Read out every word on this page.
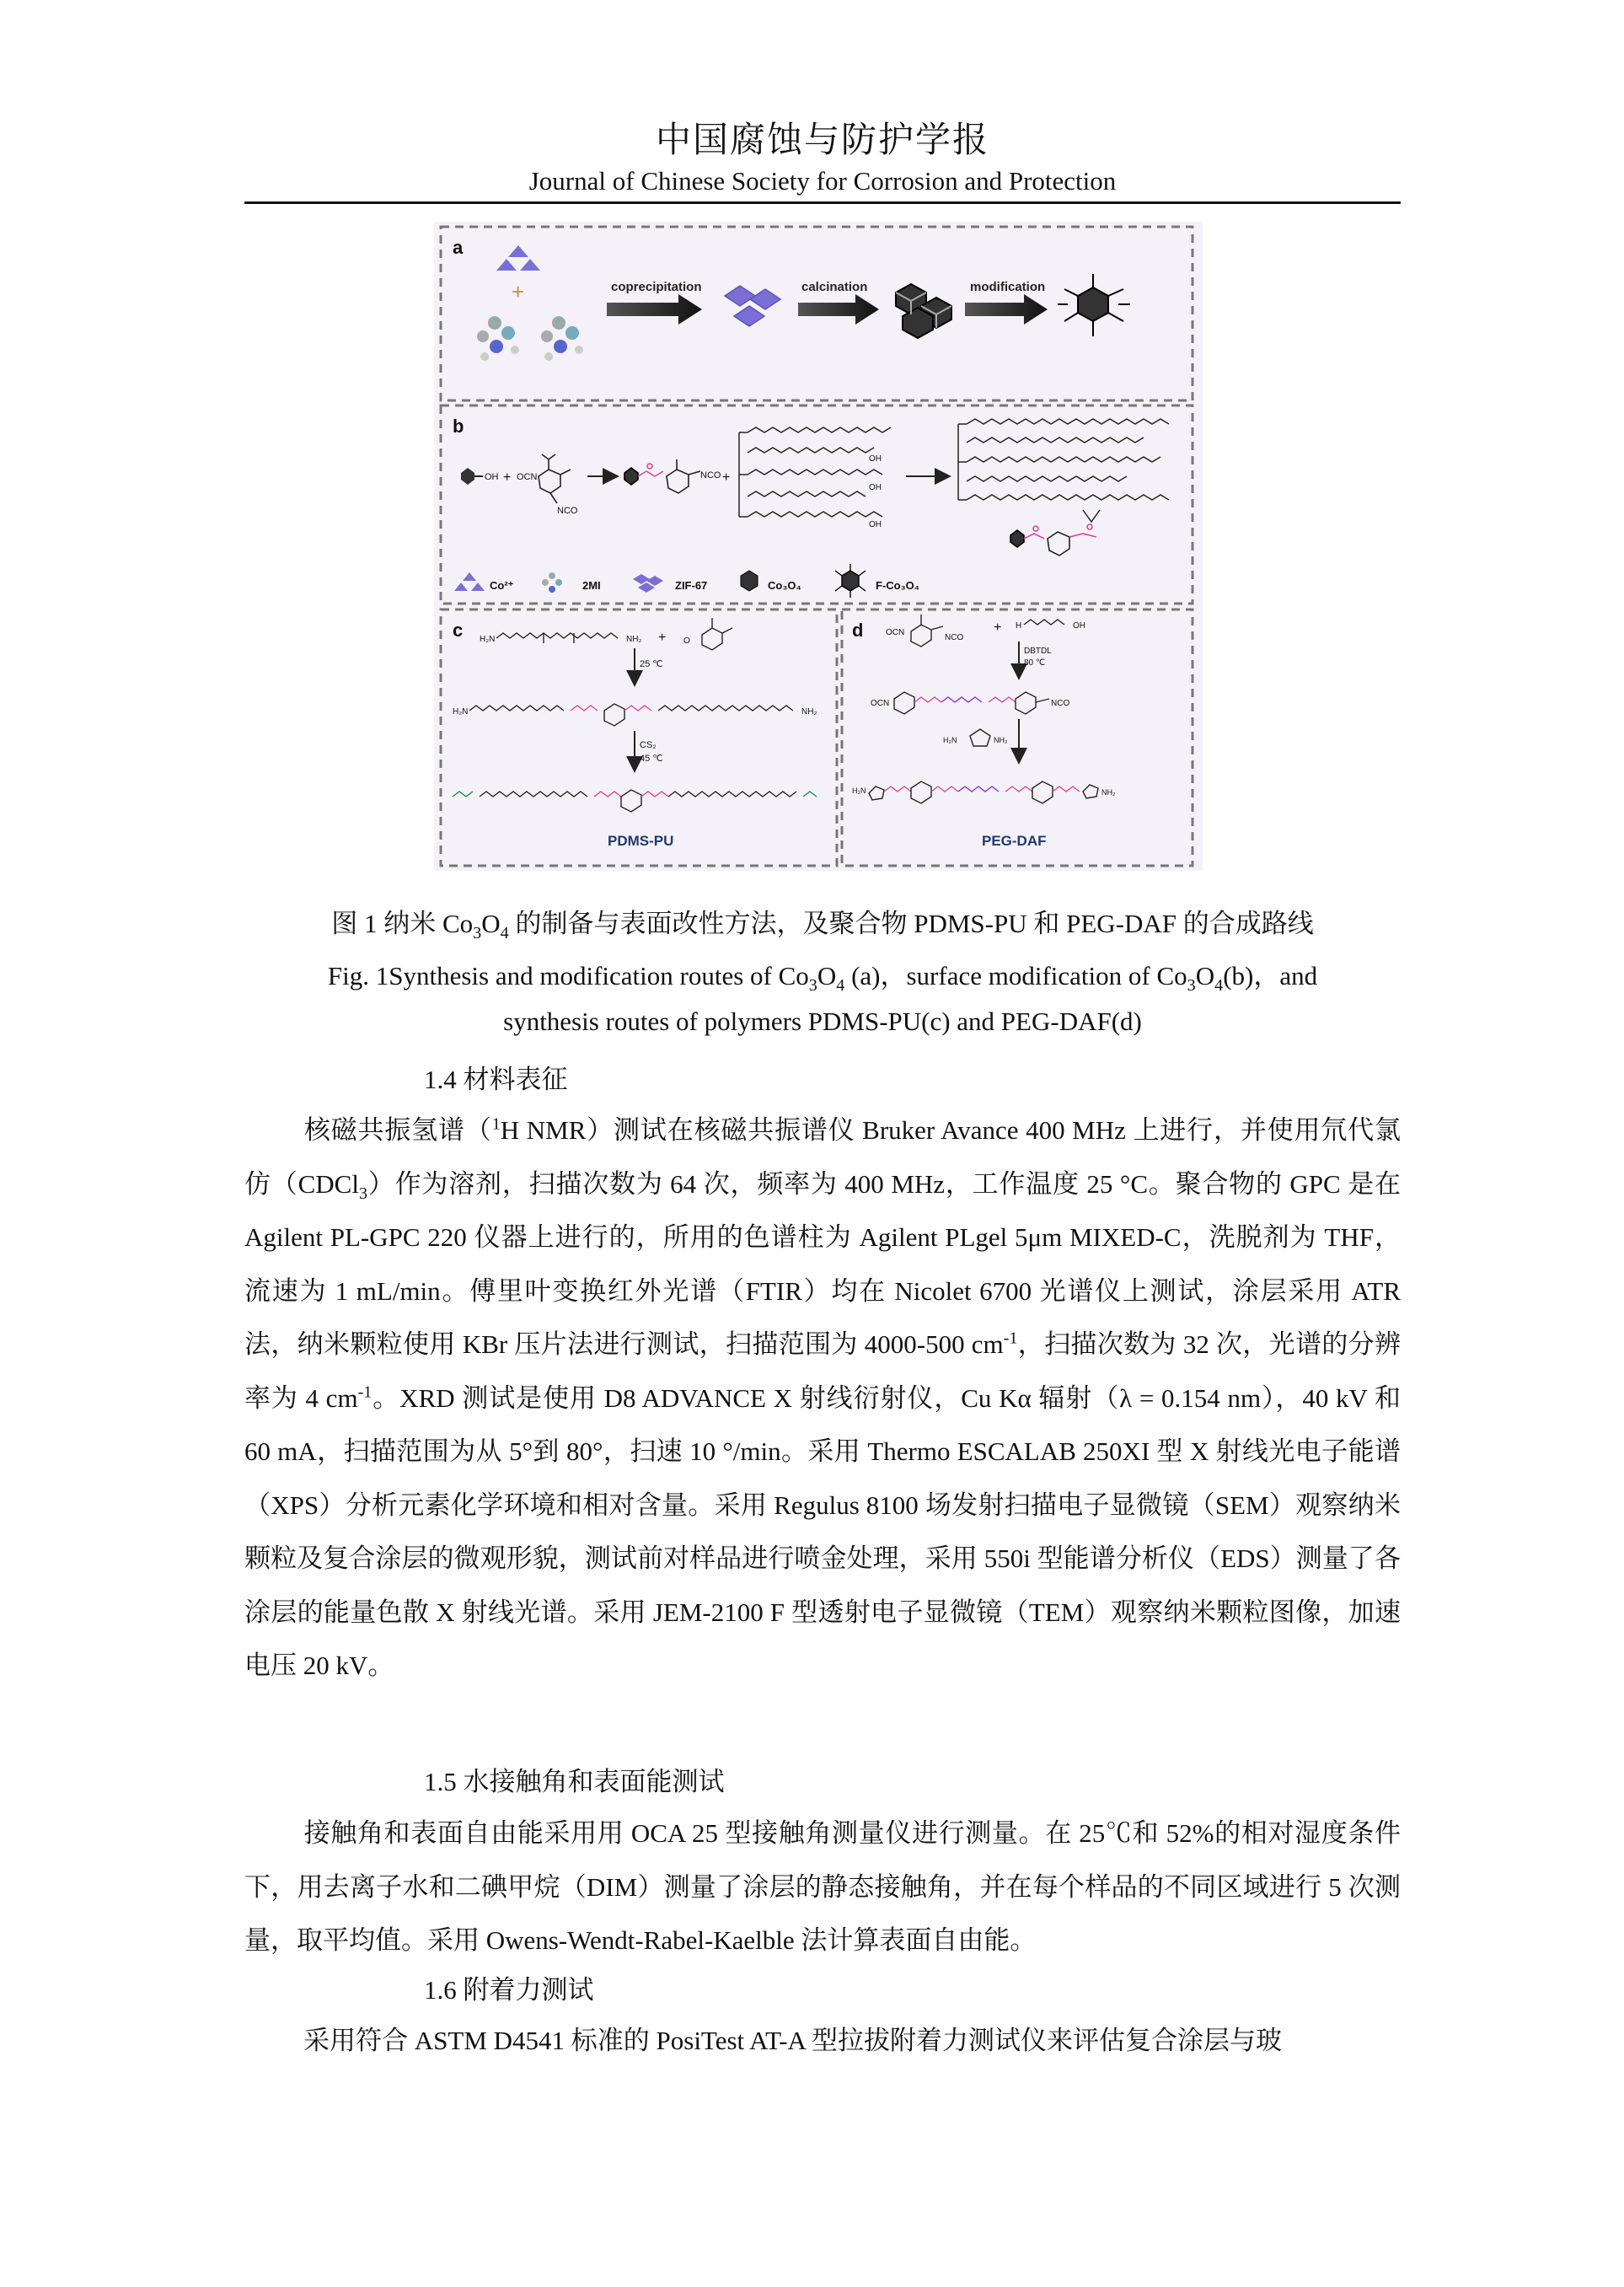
中国腐蚀与防护学报
Journal of Chinese Society for Corrosion and Protection
a
+	coprecipitation	calcination	modification
b
OH + OCN
NCO
NCO +
OH
OH
OH
Co²⁺	2MI	ZIF-67	Co₃O₄	F-Co₃O₄
c H₂N	NH₂ + O
25 ℃
H₂N	NH₂
CS₂
45 ℃
PDMS-PU
d	OCN
NCO
+ H	OH
DBTDL
80 ℃
OCN	NCO
H₂N	NH₂
H₂N	NH₂
PEG-DAF
图 1 纳米 $Co_3O_4$ 的制备与表面改性方法，及聚合物 PDMS-PU 和 PEG-DAF 的合成路线
Fig. 1Synthesis and modification routes of $Co_3O_4$ (a)，surface modification of $Co_3O_4(b)$，and
synthesis routes of polymers PDMS-PU(c) and PEG-DAF(d)
1.4 材料表征
核磁共振氢谱（$^1$H NMR）测试在核磁共振谱仪 Bruker Avance 400 MHz 上进行，并使用氘代氯仿（CDCl$_3$）作为溶剂，扫描次数为 64 次，频率为 400 MHz，工作温度 25 °C。聚合物的 GPC 是在 Agilent PL-GPC 220 仪器上进行的，所用的色谱柱为 Agilent PLgel 5μm MIXED-C，洗脱剂为 THF，流速为 1 mL/min。傅里叶变换红外光谱（FTIR）均在 Nicolet 6700 光谱仪上测试，涂层采用 ATR 法，纳米颗粒使用 KBr 压片法进行测试，扫描范围为 4000-500 $cm^{-1}$，扫描次数为 32 次，光谱的分辨率为 4 $cm^{-1}$。XRD 测试是使用 D8 ADVANCE X 射线衍射仪，Cu Kα 辐射（λ = 0.154 nm），40 kV 和 60 mA，扫描范围为从 5°到 80°，扫速 10 °/min。采用 Thermo ESCALAB 250XI 型 X 射线光电子能谱（XPS）分析元素化学环境和相对含量。采用 Regulus 8100 场发射扫描电子显微镜（SEM）观察纳米颗粒及复合涂层的微观形貌，测试前对样品进行喷金处理，采用 550i 型能谱分析仪（EDS）测量了各涂层的能量色散 X 射线光谱。采用 JEM-2100 F 型透射电子显微镜（TEM）观察纳米颗粒图像，加速电压 20 kV。
1.5 水接触角和表面能测试
接触角和表面自由能采用用 OCA 25 型接触角测量仪进行测量。在 25℃和 52%的相对湿度条件下，用去离子水和二碘甲烷（DIM）测量了涂层的静态接触角，并在每个样品的不同区域进行 5 次测量，取平均值。采用 Owens-Wendt-Rabel-Kaelble 法计算表面自由能。
1.6 附着力测试
采用符合 ASTM D4541 标准的 PosiTest AT-A 型拉拔附着力测试仪来评估复合涂层与玻
